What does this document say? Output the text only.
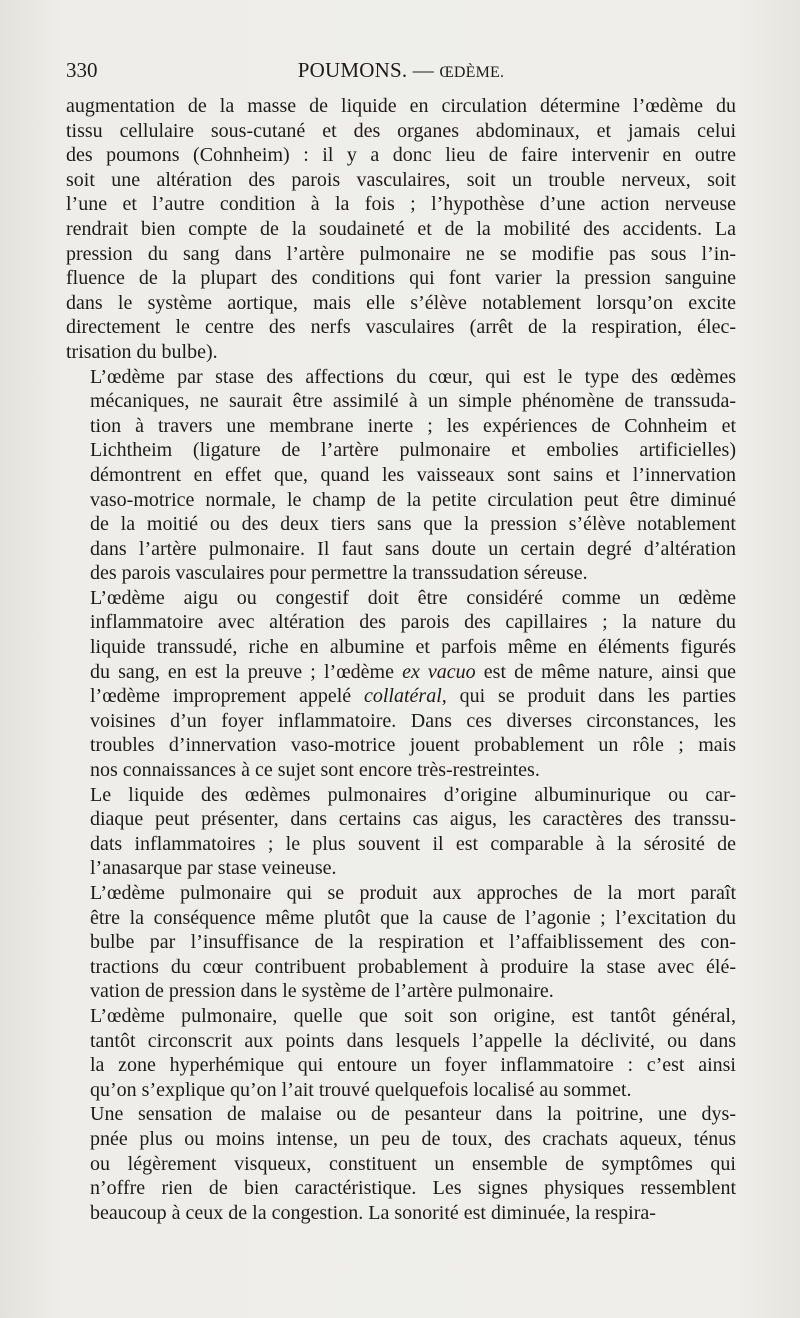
330	POUMONS. — ŒDÈME.

augmentation de la masse de liquide en circulation détermine l’œdème du
tissu cellulaire sous-cutané et des organes abdominaux, et jamais celui
des poumons (Cohnheim) : il y a donc lieu de faire intervenir en outre
soit une altération des parois vasculaires, soit un trouble nerveux, soit
l’une et l’autre condition à la fois ; l’hypothèse d’une action nerveuse
rendrait bien compte de la soudaineté et de la mobilité des accidents. La
pression du sang dans l’artère pulmonaire ne se modifie pas sous l’in-
fluence de la plupart des conditions qui font varier la pression sanguine
dans le système aortique, mais elle s’élève notablement lorsqu’on excite
directement le centre des nerfs vasculaires (arrêt de la respiration, élec-
trisation du bulbe).

L’œdème par stase des affections du cœur, qui est le type des œdèmes
mécaniques, ne saurait être assimilé à un simple phénomène de transsuda-
tion à travers une membrane inerte ; les expériences de Cohnheim et
Lichtheim (ligature de l’artère pulmonaire et embolies artificielles)
démontrent en effet que, quand les vaisseaux sont sains et l’innervation
vaso-motrice normale, le champ de la petite circulation peut être diminué
de la moitié ou des deux tiers sans que la pression s’élève notablement
dans l’artère pulmonaire. Il faut sans doute un certain degré d’altération
des parois vasculaires pour permettre la transsudation séreuse.

L’œdème aigu ou congestif doit être considéré comme un œdème
inflammatoire avec altération des parois des capillaires ; la nature du
liquide transsudé, riche en albumine et parfois même en éléments figurés
du sang, en est la preuve ; l’œdème ex vacuo est de même nature, ainsi que
l’œdème improprement appelé collatéral, qui se produit dans les parties
voisines d’un foyer inflammatoire. Dans ces diverses circonstances, les
troubles d’innervation vaso-motrice jouent probablement un rôle ; mais
nos connaissances à ce sujet sont encore très-restreintes.

Le liquide des œdèmes pulmonaires d’origine albuminurique ou car-
diaque peut présenter, dans certains cas aigus, les caractères des transsu-
dats inflammatoires ; le plus souvent il est comparable à la sérosité de
l’anasarque par stase veineuse.

L’œdème pulmonaire qui se produit aux approches de la mort paraît
être la conséquence même plutôt que la cause de l’agonie ; l’excitation du
bulbe par l’insuffisance de la respiration et l’affaiblissement des con-
tractions du cœur contribuent probablement à produire la stase avec élé-
vation de pression dans le système de l’artère pulmonaire.

L’œdème pulmonaire, quelle que soit son origine, est tantôt général,
tantôt circonscrit aux points dans lesquels l’appelle la déclivité, ou dans
la zone hyperhémique qui entoure un foyer inflammatoire : c’est ainsi
qu’on s’explique qu’on l’ait trouvé quelquefois localisé au sommet.

Une sensation de malaise ou de pesanteur dans la poitrine, une dys-
pnée plus ou moins intense, un peu de toux, des crachats aqueux, ténus
ou légèrement visqueux, constituent un ensemble de symptômes qui
n’offre rien de bien caractéristique. Les signes physiques ressemblent
beaucoup à ceux de la congestion. La sonorité est diminuée, la respira-
